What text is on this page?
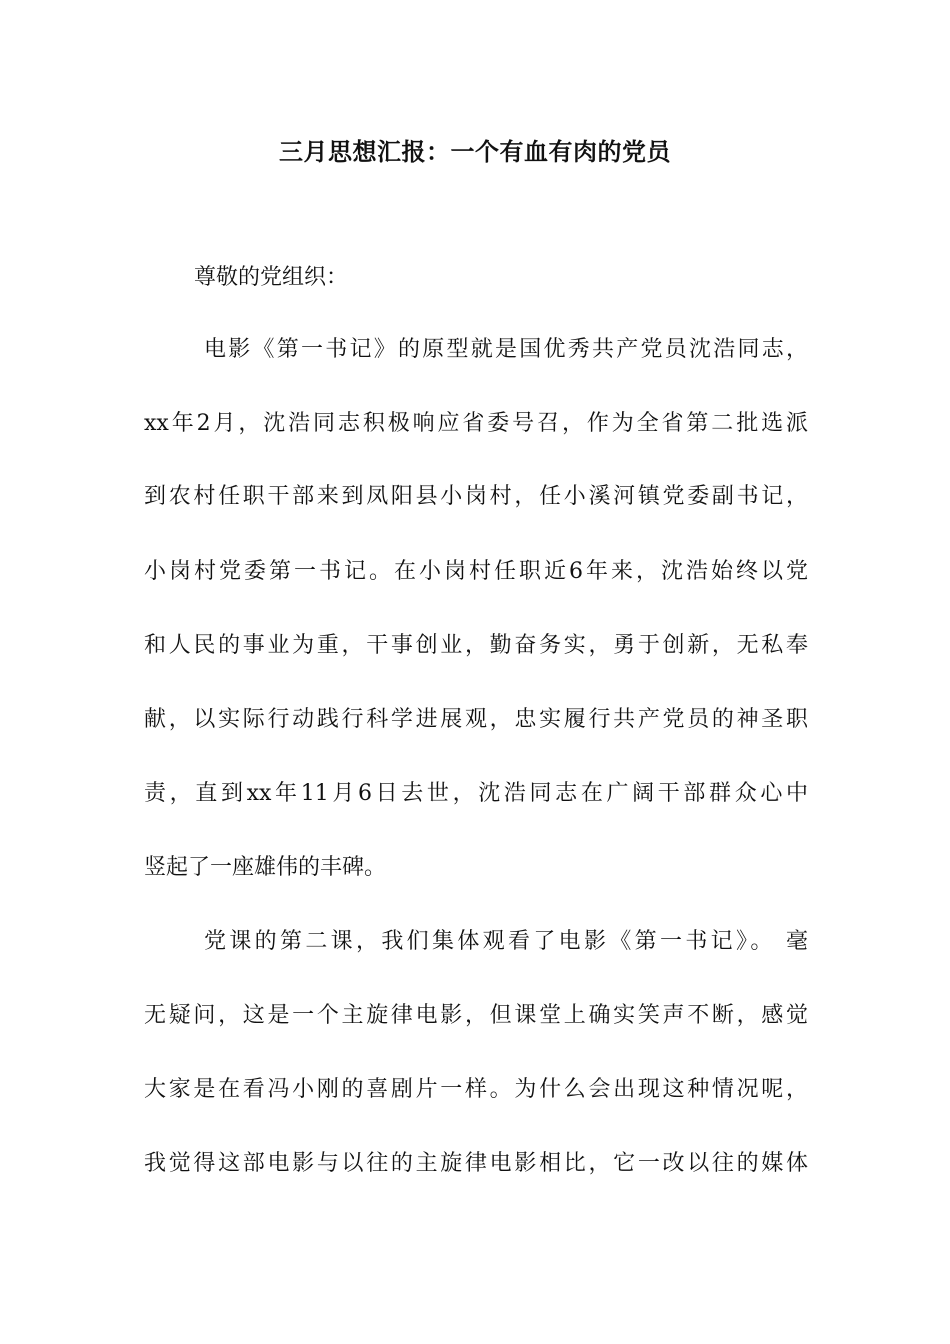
三月思想汇报：一个有血有肉的党员
尊敬的党组织：
电影《第一书记》的原型就是国优秀共产党员沈浩同志，
xx年2月，沈浩同志积极响应省委号召，作为全省第二批选派
到农村任职干部来到凤阳县小岗村，任小溪河镇党委副书记，
小岗村党委第一书记。在小岗村任职近6年来，沈浩始终以党
和人民的事业为重，干事创业，勤奋务实，勇于创新，无私奉
献，以实际行动践行科学进展观，忠实履行共产党员的神圣职
责，直到xx年11月6日去世，沈浩同志在广阔干部群众心中
竖起了一座雄伟的丰碑。
党课的第二课，我们集体观看了电影《第一书记》。 毫
无疑问，这是一个主旋律电影，但课堂上确实笑声不断，感觉
大家是在看冯小刚的喜剧片一样。为什么会出现这种情况呢，
我觉得这部电影与以往的主旋律电影相比，它一改以往的媒体
